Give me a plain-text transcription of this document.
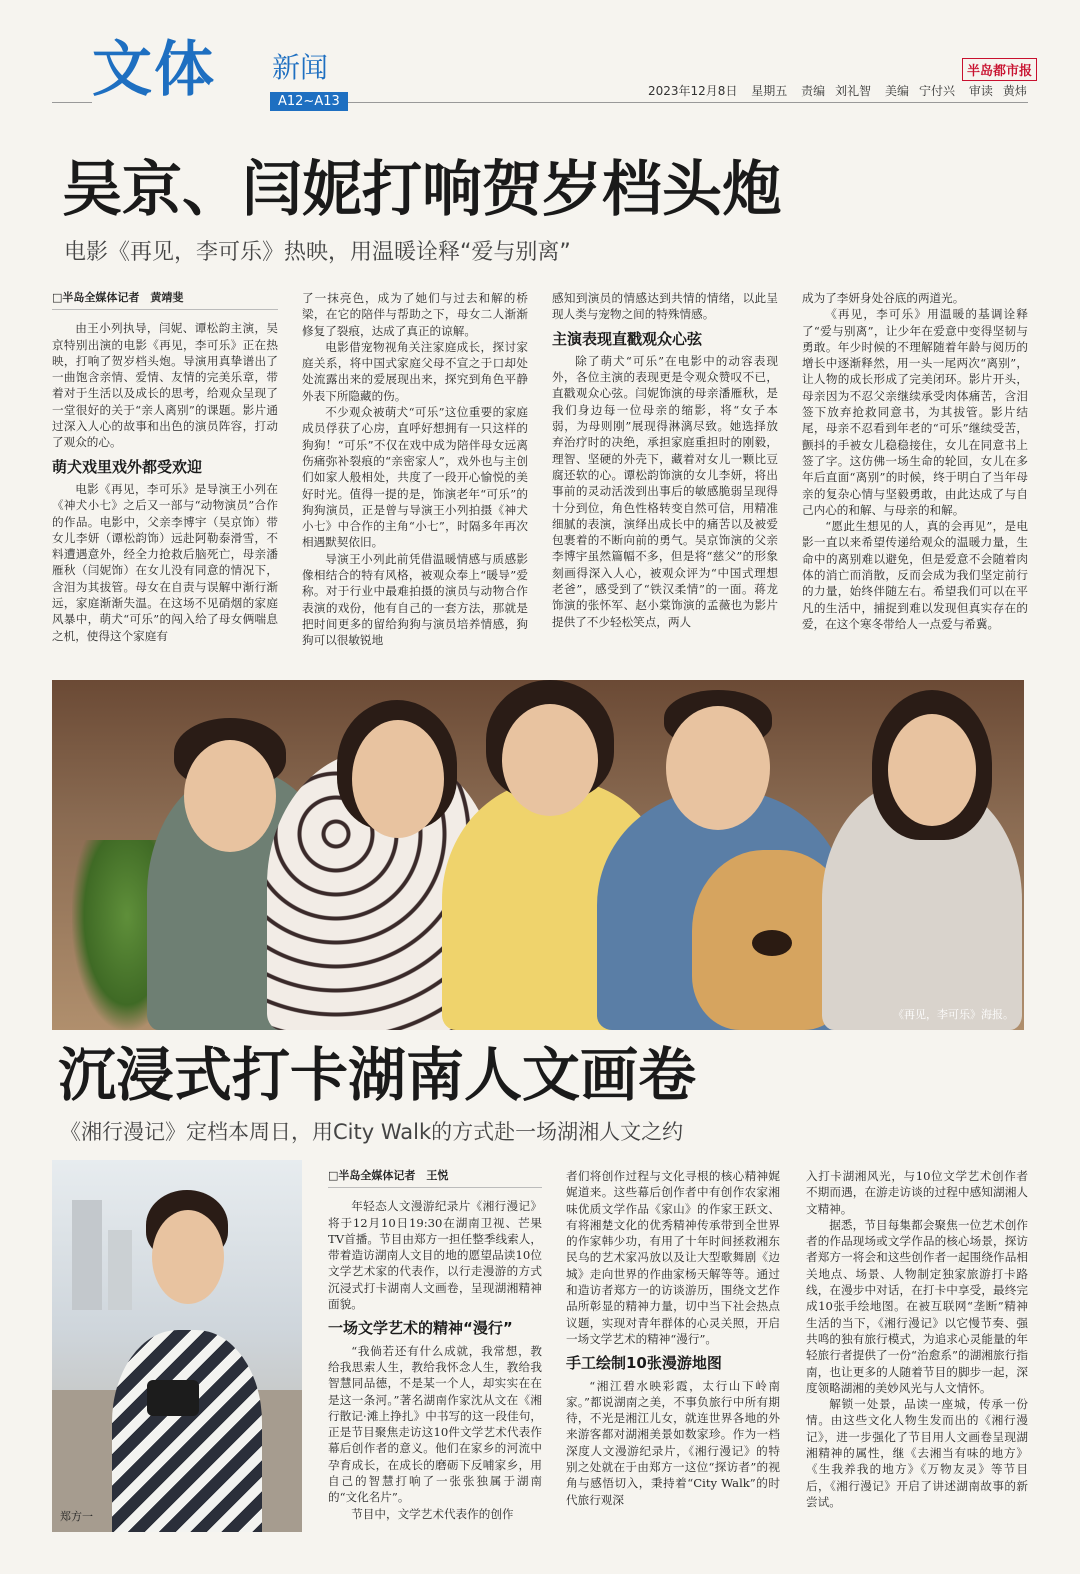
文体 新闻
A12~A13
半岛都市报
2023年12月8日 星期五 责编 刘礼智 美编 宁付兴 审读 黄炜
吴京、闫妮打响贺岁档头炮
电影《再见，李可乐》热映，用温暖诠释“爱与别离”
□半岛全媒体记者　黄靖斐

由王小列执导，闫妮、谭松韵主演，吴京特别出演的电影《再见，李可乐》正在热映，打响了贺岁档头炮。导演用真挚谱出了一曲饱含亲情、爱情、友情的完美乐章，带着对于生活以及成长的思考，给观众呈现了一堂很好的关于“亲人离别”的课题。影片通过深入人心的故事和出色的演员阵容，打动了观众的心。

萌犬戏里戏外都受欢迎

电影《再见，李可乐》是导演王小列在《神犬小七》之后又一部与“动物演员”合作的作品。电影中，父亲李博宇（吴京饰）带女儿李妍（谭松韵饰）远赴阿勒泰滑雪，不料遭遇意外，经全力抢救后脑死亡，母亲潘雁秋（闫妮饰）在女儿没有同意的情况下，含泪为其拔管。母女在自责与误解中渐行渐远，家庭渐渐失温。在这场不见硝烟的家庭风暴中，萌犬“可乐”的闯入给了母女俩喘息之机，使得这个家庭有

了一抹亮色，成为了她们与过去和解的桥梁，在它的陪伴与帮助之下，母女二人渐渐修复了裂痕，达成了真正的谅解。

电影借宠物视角关注家庭成长，探讨家庭关系，将中国式家庭父母不宣之于口却处处流露出来的爱展现出来，探究到角色平静外表下所隐藏的伤。

不少观众被萌犬“可乐”这位重要的家庭成员俘获了心房，直呼好想拥有一只这样的狗狗！“可乐”不仅在戏中成为陪伴母女远离伤痛弥补裂痕的“亲密家人”，戏外也与主创们如家人般相处，共度了一段开心愉悦的美好时光。值得一提的是，饰演老年“可乐”的狗狗演员，正是曾与导演王小列拍摄《神犬小七》中合作的主角“小七”，时隔多年再次相遇默契依旧。

导演王小列此前凭借温暖情感与质感影像相结合的特有风格，被观众奉上“暖导”爱称。对于行业中最难拍摄的演员与动物合作表演的戏份，他有自己的一套方法，那就是把时间更多的留给狗狗与演员培养情感，狗狗可以很敏锐地

感知到演员的情感达到共情的情绪，以此呈现人类与宠物之间的特殊情感。

主演表现直戳观众心弦

除了萌犬“可乐”在电影中的动容表现外，各位主演的表现更是令观众赞叹不已，直戳观众心弦。闫妮饰演的母亲潘雁秋，是我们身边每一位母亲的缩影，将“女子本弱，为母则刚”展现得淋漓尽致。她选择放弃治疗时的决绝，承担家庭重担时的刚毅，理智、坚硬的外壳下，藏着对女儿一颗比豆腐还软的心。谭松韵饰演的女儿李妍，将出事前的灵动活泼到出事后的敏感脆弱呈现得十分到位，角色性格转变自然可信，用精准细腻的表演，演绎出成长中的痛苦以及被爱包裹着的不断向前的勇气。吴京饰演的父亲李博宇虽然篇幅不多，但是将“慈父”的形象刻画得深入人心，被观众评为“中国式理想老爸”，感受到了“铁汉柔情”的一面。蒋龙饰演的张怀军、赵小棠饰演的孟薇也为影片提供了不少轻松笑点，两人

成为了李妍身处谷底的两道光。

《再见，李可乐》用温暖的基调诠释了“爱与别离”，让少年在爱意中变得坚韧与勇敢。年少时候的不理解随着年龄与阅历的增长中逐渐释然，用一头一尾两次“离别”，让人物的成长形成了完美闭环。影片开头，母亲因为不忍父亲继续承受肉体痛苦，含泪签下放弃抢救同意书，为其拔管。影片结尾，母亲不忍看到年老的“可乐”继续受苦，颤抖的手被女儿稳稳接住，女儿在同意书上签了字。这仿佛一场生命的轮回，女儿在多年后直面“离别”的时候，终于明白了当年母亲的复杂心情与坚毅勇敢，由此达成了与自己内心的和解、与母亲的和解。

“愿此生想见的人，真的会再见”，是电影一直以来希望传递给观众的温暖力量，生命中的离别难以避免，但是爱意不会随着肉体的消亡而消散，反而会成为我们坚定前行的力量，始终伴随左右。希望我们可以在平凡的生活中，捕捉到难以发现但真实存在的爱，在这个寒冬带给人一点爱与希冀。

《再见，李可乐》海报。
沉浸式打卡湖南人文画卷
《湘行漫记》定档本周日，用City Walk的方式赴一场湖湘人文之约
郑方一
□半岛全媒体记者　王悦

年轻态人文漫游纪录片《湘行漫记》将于12月10日19:30在湖南卫视、芒果TV首播。节目由郑方一担任整季线索人，带着造访湖南人文目的地的愿望品读10位文学艺术家的代表作，以行走漫游的方式沉浸式打卡湖南人文画卷，呈现湖湘精神面貌。

一场文学艺术的精神“漫行”

“我倘若还有什么成就，我常想，教给我思索人生，教给我怀念人生，教给我智慧同品德，不是某一个人，却实实在在是这一条河。”著名湖南作家沈从文在《湘行散记·滩上挣扎》中书写的这一段佳句，正是节目聚焦走访这10件文学艺术代表作幕后创作者的意义。他们在家乡的河流中孕育成长，在成长的磨砺下反哺家乡，用自己的智慧打响了一张张独属于湖南的“文化名片”。

节目中，文学艺术代表作的创作

者们将创作过程与文化寻根的核心精神娓娓道来。这些幕后创作者中有创作农家湘味优质文学作品《家山》的作家王跃文、有将湘楚文化的优秀精神传承带到全世界的作家韩少功，有用了十年时间拯救湘东民乌的艺术家冯放以及让大型歌舞剧《边城》走向世界的作曲家杨天解等等。通过和造访者郑方一的访谈游历，围绕文艺作品所彰显的精神力量，切中当下社会热点议题，实现对青年群体的心灵关照，开启一场文学艺术的精神“漫行”。

手工绘制10张漫游地图

“湘江碧水映彩霞，太行山下岭南家。”都说湖南之美，不事负旅行中所有期待，不光是湘江儿女，就连世界各地的外来游客都对湖湘美景如数家珍。作为一档深度人文漫游纪录片，《湘行漫记》的特别之处就在于由郑方一这位“探访者”的视角与感悟切入，秉持着“City Walk”的时代旅行观深

入打卡湖湘风光，与10位文学艺术创作者不期而遇，在游走访谈的过程中感知湖湘人文精神。

据悉，节目每集都会聚焦一位艺术创作者的作品现场或文学作品的核心场景，探访者郑方一将会和这些创作者一起围绕作品相关地点、场景、人物制定独家旅游打卡路线，在漫步中对话，在打卡中享受，最终完成10张手绘地图。在被互联网“垄断”精神生活的当下，《湘行漫记》以它慢节奏、强共鸣的独有旅行模式，为追求心灵能量的年轻旅行者提供了一份“治愈系”的湖湘旅行指南，也让更多的人随着节目的脚步一起，深度领略湖湘的美妙风光与人文情怀。

解锁一处景，品读一座城，传承一份情。由这些文化人物生发而出的《湘行漫记》，进一步强化了节目用人文画卷呈现湖湘精神的属性，继《去湘当有味的地方》《生我养我的地方》《万物友灵》等节目后，《湘行漫记》开启了讲述湖南故事的新尝试。
